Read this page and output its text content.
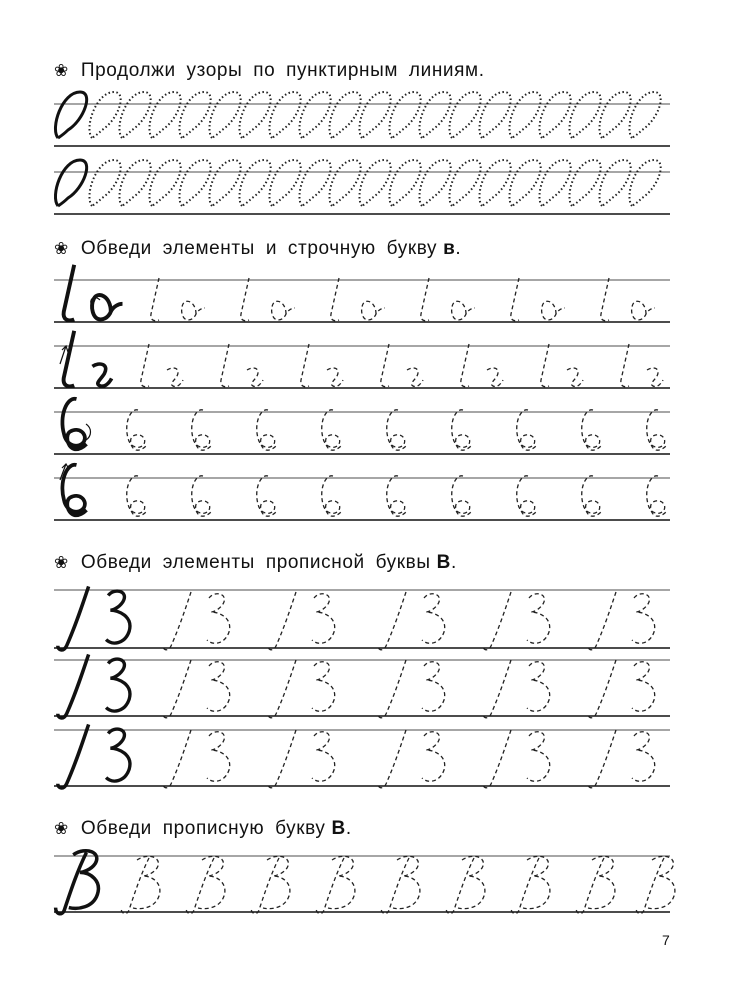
❀ Продолжи узоры по пунктирным линиям.
❀ Обведи элементы и строчную букву в .
❀ Обведи элементы прописной буквы В .
❀ Обведи прописную букву В .
7
